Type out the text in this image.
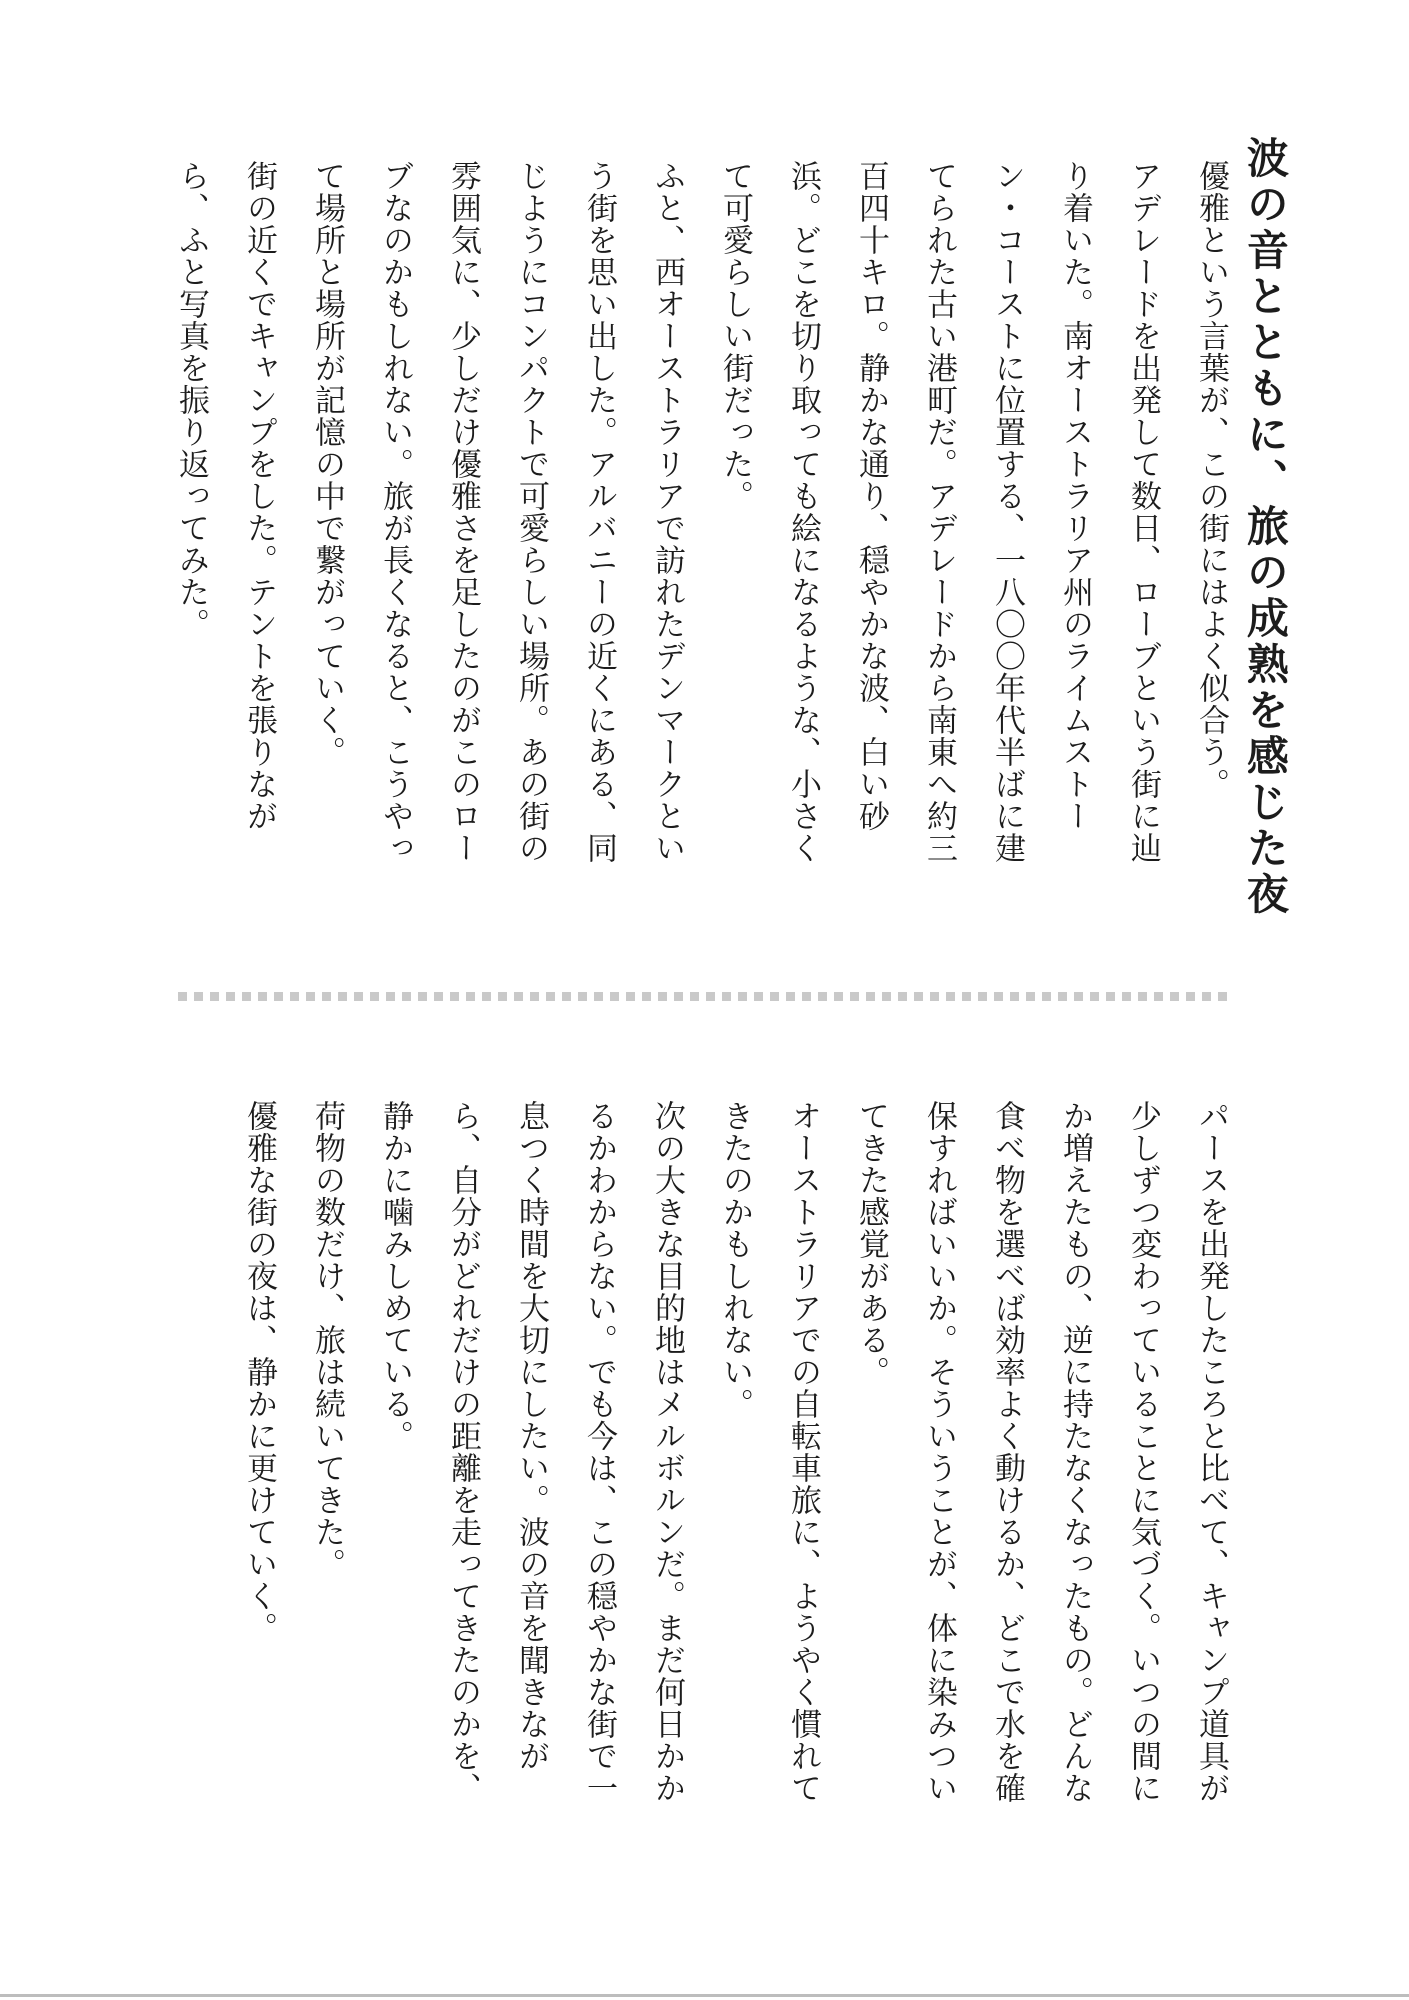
波の音とともに、旅の成熟を感じた夜
優雅という言葉が、この街にはよく似合う。
アデレードを出発して数日、ローブという街に辿
り着いた。南オーストラリア州のライムストー
ン・コーストに位置する、一八〇〇年代半ばに建
てられた古い港町だ。アデレードから南東へ約三
百四十キロ。静かな通り、穏やかな波、白い砂
浜。どこを切り取っても絵になるような、小さく
て可愛らしい街だった。
ふと、西オーストラリアで訪れたデンマークとい
う街を思い出した。アルバニーの近くにある、同
じようにコンパクトで可愛らしい場所。あの街の
雰囲気に、少しだけ優雅さを足したのがこのロー
ブなのかもしれない。旅が長くなると、こうやっ
て場所と場所が記憶の中で繋がっていく。
街の近くでキャンプをした。テントを張りなが
ら、ふと写真を振り返ってみた。
パースを出発したころと比べて、キャンプ道具が
少しずつ変わっていることに気づく。いつの間に
か増えたもの、逆に持たなくなったもの。どんな
食べ物を選べば効率よく動けるか、どこで水を確
保すればいいか。そういうことが、体に染みつい
てきた感覚がある。
オーストラリアでの自転車旅に、ようやく慣れて
きたのかもしれない。
次の大きな目的地はメルボルンだ。まだ何日かか
るかわからない。でも今は、この穏やかな街で一
息つく時間を大切にしたい。波の音を聞きなが
ら、自分がどれだけの距離を走ってきたのかを、
静かに噛みしめている。
荷物の数だけ、旅は続いてきた。
優雅な街の夜は、静かに更けていく。
